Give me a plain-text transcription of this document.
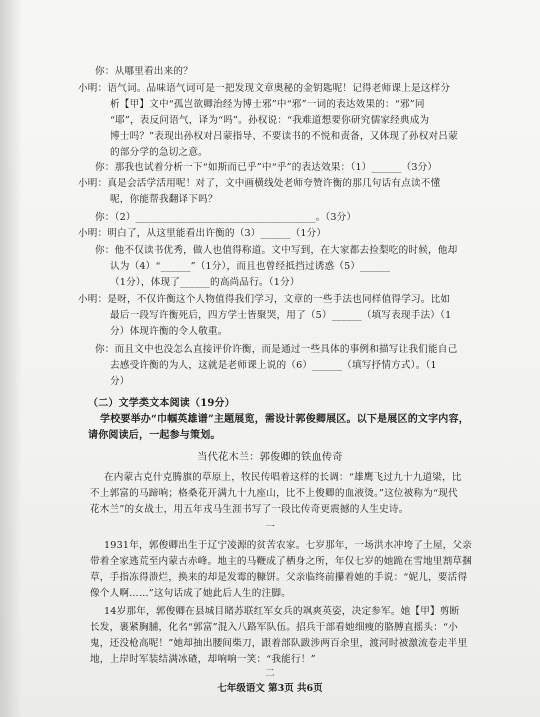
你：从哪里看出来的？
小明：语气词。品味语气词可是一把发现文章奥秘的金钥匙呢！记得老师课上是这样分
析【甲】文中“孤岂欲卿治经为博士邪”中“邪”一词的表达效果的：“邪”同
“耶”，表反问语气，译为“吗”。孙权说：“我难道想要你研究儒家经典成为
博士吗？”表现出孙权对吕蒙指导、不要读书的不悦和责备，又体现了孙权对吕蒙
的部分学的急切之意。
你：那我也试着分析一下“如斯而已乎”中“乎”的表达效果：（1）______（3分）
小明：真是会活学活用呢！对了，文中画横线处老师夸赞许衡的那几句话有点读不懂
呢，你能帮我翻译下吗？
你：（2）____________________________________。（3分）
小明：明白了，从这里能看出许衡的（3）______（1分）
你：他不仅读书优秀，做人也值得称道。文中写到，在大家都去捡梨吃的时候，他却
认为（4）“______”（1分），而且也曾经抵挡过诱惑（5）______
（1分），体现了______的高尚品行。（1分）
小明：是呀，不仅许衡这个人物值得我们学习，文章的一些手法也同样值得学习。比如
最后一段写许衡死后，四方学士皆聚哭，用了（5）______（填写表现手法）（1
分）体现许衡的令人敬重。
你：而且文中也没怎么直接评价许衡，而是通过一些具体的事例和描写让我们能自己
去感受许衡的为人，这就是老师课上说的（6）______（填写抒情方式）。（1
分）
（二）文学类文本阅读（19分）
学校要举办“巾帼英雄谱”主题展览，需设计郭俊卿展区。以下是展区的文字内容，
请你阅读后，一起参与策划。
当代花木兰：郭俊卿的铁血传奇
在内蒙古克什克腾旗的草原上，牧民传唱着这样的长调：“雄鹰飞过九十九道梁，比
不上郭富的马蹄响；格桑花开满九十九座山，比不上俊卿的血液烫。”这位被称为“现代
花木兰”的女战士，用五年戎马生涯书写了一段比传奇更震撼的人生史诗。
一
1931年，郭俊卿出生于辽宁凌源的贫苦农家。七岁那年，一场洪水冲垮了土屋，父亲
带着全家逃荒至内蒙古赤峰。地主的马鞭成了栖身之所，年仅七岁的她跪在雪地里割草捆
草，手指冻得溃烂，换来的却是发霉的糠饼。父亲临终前攥着她的手说：“妮儿，要活得
像个人啊……”这句话成了她此后人生的注脚。
14岁那年，郭俊卿在县城目睹苏联红军女兵的飒爽英姿，决定参军。她【甲】剪断
长发，裹紧胸脯，化名“郭富”混入八路军队伍。招兵干部看她细瘦的胳膊直摇头：“小
鬼，还没枪高呢！”她却抽出腰间柴刀，跟着部队跋涉两百余里，渡河时被激流卷走半里
地，上岸时军装结满冰碴，却响响一笑：“我能行！”
二
七年级语文 第3页 共6页
